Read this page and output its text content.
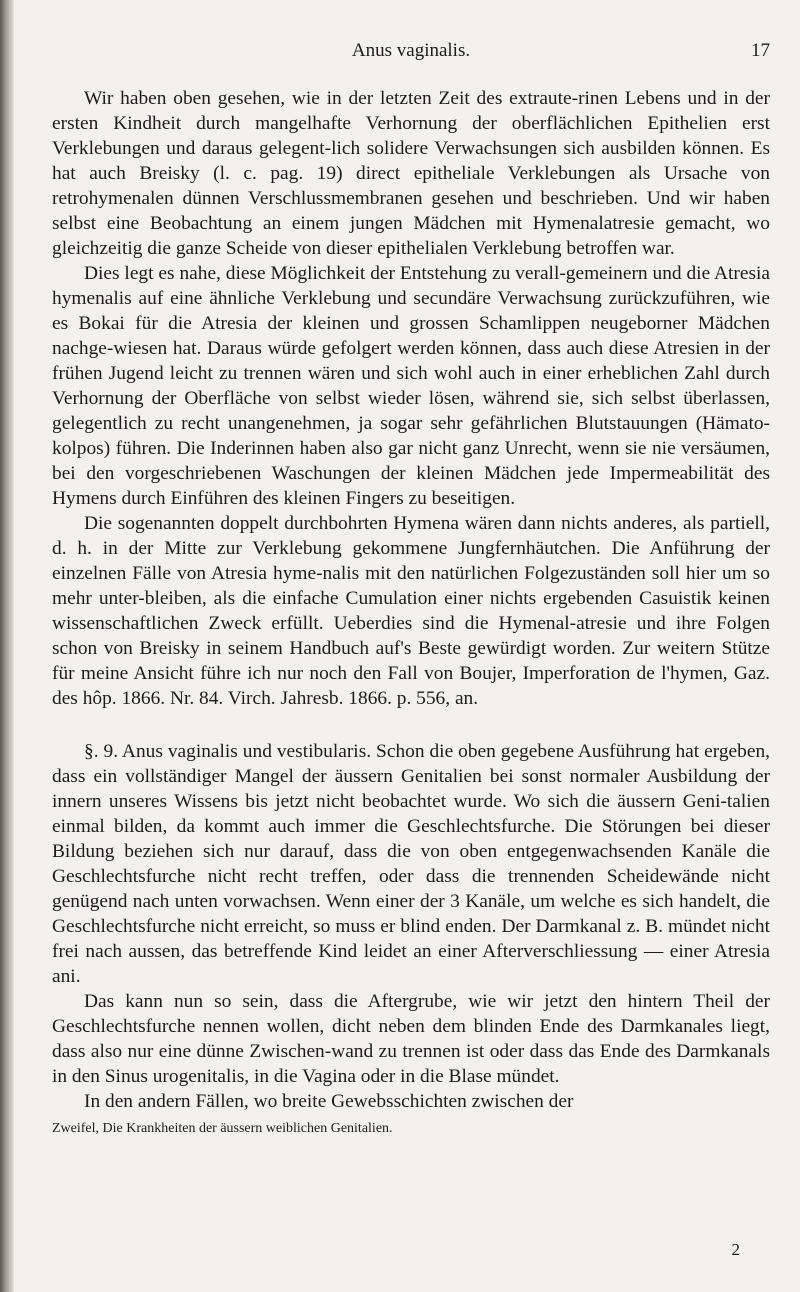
Anus vaginalis.	17

Wir haben oben gesehen, wie in der letzten Zeit des extraute-rinen Lebens und in der ersten Kindheit durch mangelhafte Verhornung der oberflächlichen Epithelien erst Verklebungen und daraus gelegent-lich solidere Verwachsungen sich ausbilden können. Es hat auch Breisky (l. c. pag. 19) direct epitheliale Verklebungen als Ursache von retrohymenalen dünnen Verschlussmembranen gesehen und beschrieben. Und wir haben selbst eine Beobachtung an einem jungen Mädchen mit Hymenalatresie gemacht, wo gleichzeitig die ganze Scheide von dieser epithelialen Verklebung betroffen war.

Dies legt es nahe, diese Möglichkeit der Entstehung zu verall-gemeinern und die Atresia hymenalis auf eine ähnliche Verklebung und secundäre Verwachsung zurückzuführen, wie es Bokai für die Atresia der kleinen und grossen Schamlippen neugeborner Mädchen nachge-wiesen hat. Daraus würde gefolgert werden können, dass auch diese Atresien in der frühen Jugend leicht zu trennen wären und sich wohl auch in einer erheblichen Zahl durch Verhornung der Oberfläche von selbst wieder lösen, während sie, sich selbst überlassen, gelegentlich zu recht unangenehmen, ja sogar sehr gefährlichen Blutstauungen (Hämato-kolpos) führen. Die Inderinnen haben also gar nicht ganz Unrecht, wenn sie nie versäumen, bei den vorgeschriebenen Waschungen der kleinen Mädchen jede Impermeabilität des Hymens durch Einführen des kleinen Fingers zu beseitigen.

Die sogenannten doppelt durchbohrten Hymena wären dann nichts anderes, als partiell, d. h. in der Mitte zur Verklebung gekommene Jungfernhäutchen. Die Anführung der einzelnen Fälle von Atresia hyme-nalis mit den natürlichen Folgezuständen soll hier um so mehr unter-bleiben, als die einfache Cumulation einer nichts ergebenden Casuistik keinen wissenschaftlichen Zweck erfüllt. Ueberdies sind die Hymenal-atresie und ihre Folgen schon von Breisky in seinem Handbuch auf's Beste gewürdigt worden. Zur weitern Stütze für meine Ansicht führe ich nur noch den Fall von Boujer, Imperforation de l'hymen, Gaz. des hôp. 1866. Nr. 84. Virch. Jahresb. 1866. p. 556, an.

§. 9. Anus vaginalis und vestibularis. Schon die oben gegebene Ausführung hat ergeben, dass ein vollständiger Mangel der äussern Genitalien bei sonst normaler Ausbildung der innern unseres Wissens bis jetzt nicht beobachtet wurde. Wo sich die äussern Geni-talien einmal bilden, da kommt auch immer die Geschlechtsfurche. Die Störungen bei dieser Bildung beziehen sich nur darauf, dass die von oben entgegenwachsenden Kanäle die Geschlechtsfurche nicht recht treffen, oder dass die trennenden Scheidewände nicht genügend nach unten vorwachsen. Wenn einer der 3 Kanäle, um welche es sich handelt, die Geschlechtsfurche nicht erreicht, so muss er blind enden. Der Darmkanal z. B. mündet nicht frei nach aussen, das betreffende Kind leidet an einer Afterverschliessung — einer Atresia ani.

Das kann nun so sein, dass die Aftergrube, wie wir jetzt den hintern Theil der Geschlechtsfurche nennen wollen, dicht neben dem blinden Ende des Darmkanales liegt, dass also nur eine dünne Zwischen-wand zu trennen ist oder dass das Ende des Darmkanals in den Sinus urogenitalis, in die Vagina oder in die Blase mündet.

In den andern Fällen, wo breite Gewebsschichten zwischen der

Zweifel, Die Krankheiten der äussern weiblichen Genitalien.
2
